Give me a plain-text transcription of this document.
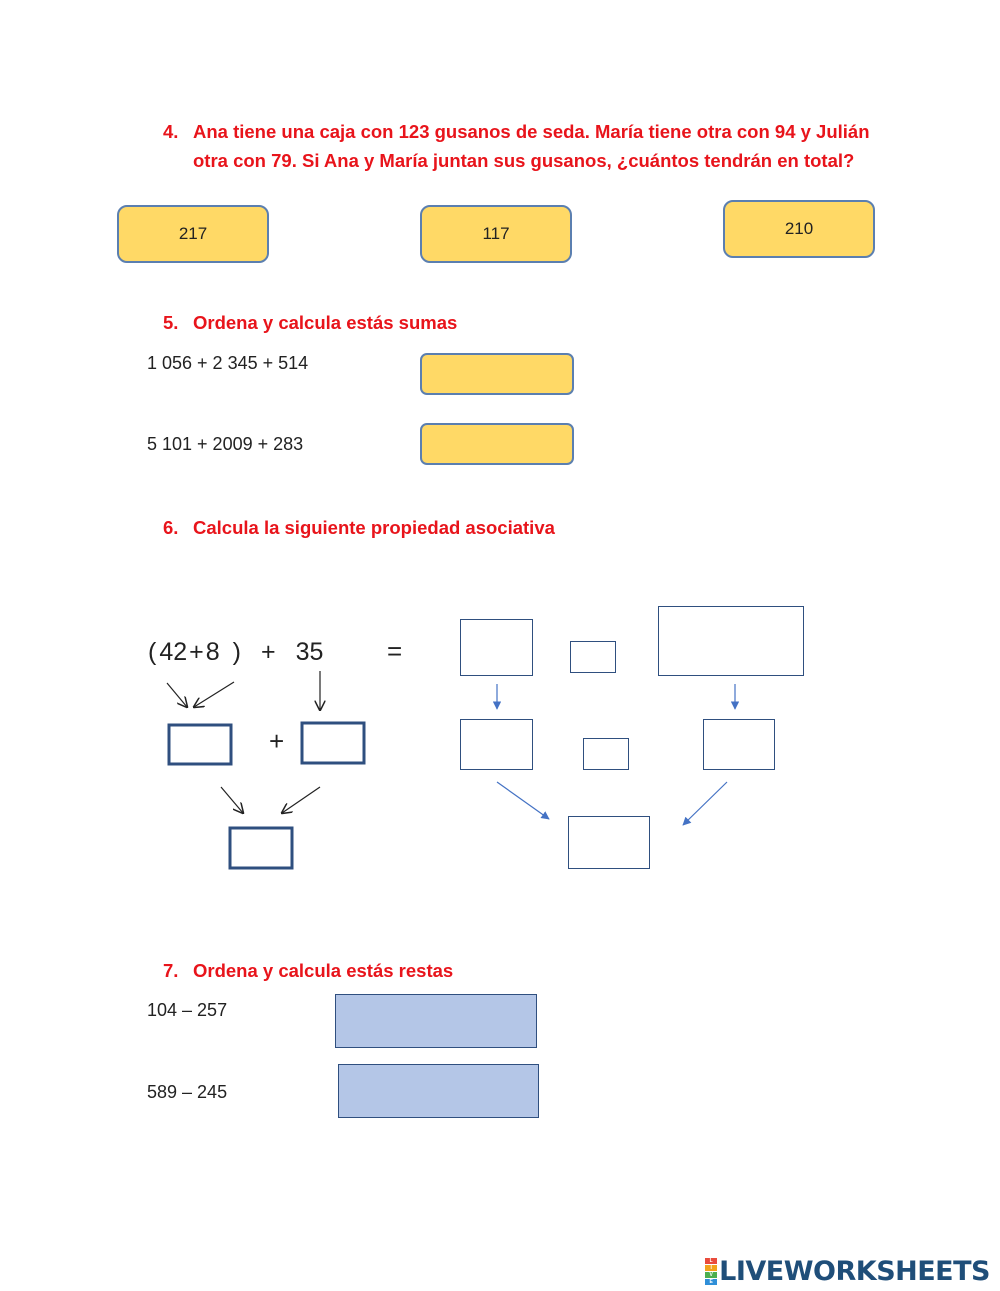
4. Ana tiene una caja con 123 gusanos de seda. María tiene otra con 94 y Julián
otra con 79. Si Ana y María juntan sus gusanos, ¿cuántos tendrán en total?
217	117	210
5. Ordena y calcula estás sumas
1 056 + 2 345 + 514
5 101 + 2009 + 283
6. Calcula la siguiente propiedad asociativa
( 42+8 ) + 35 =
+
7. Ordena y calcula estás restas
104 – 257
589 – 245
L
I
V
E LIVEWORKSHEETS
